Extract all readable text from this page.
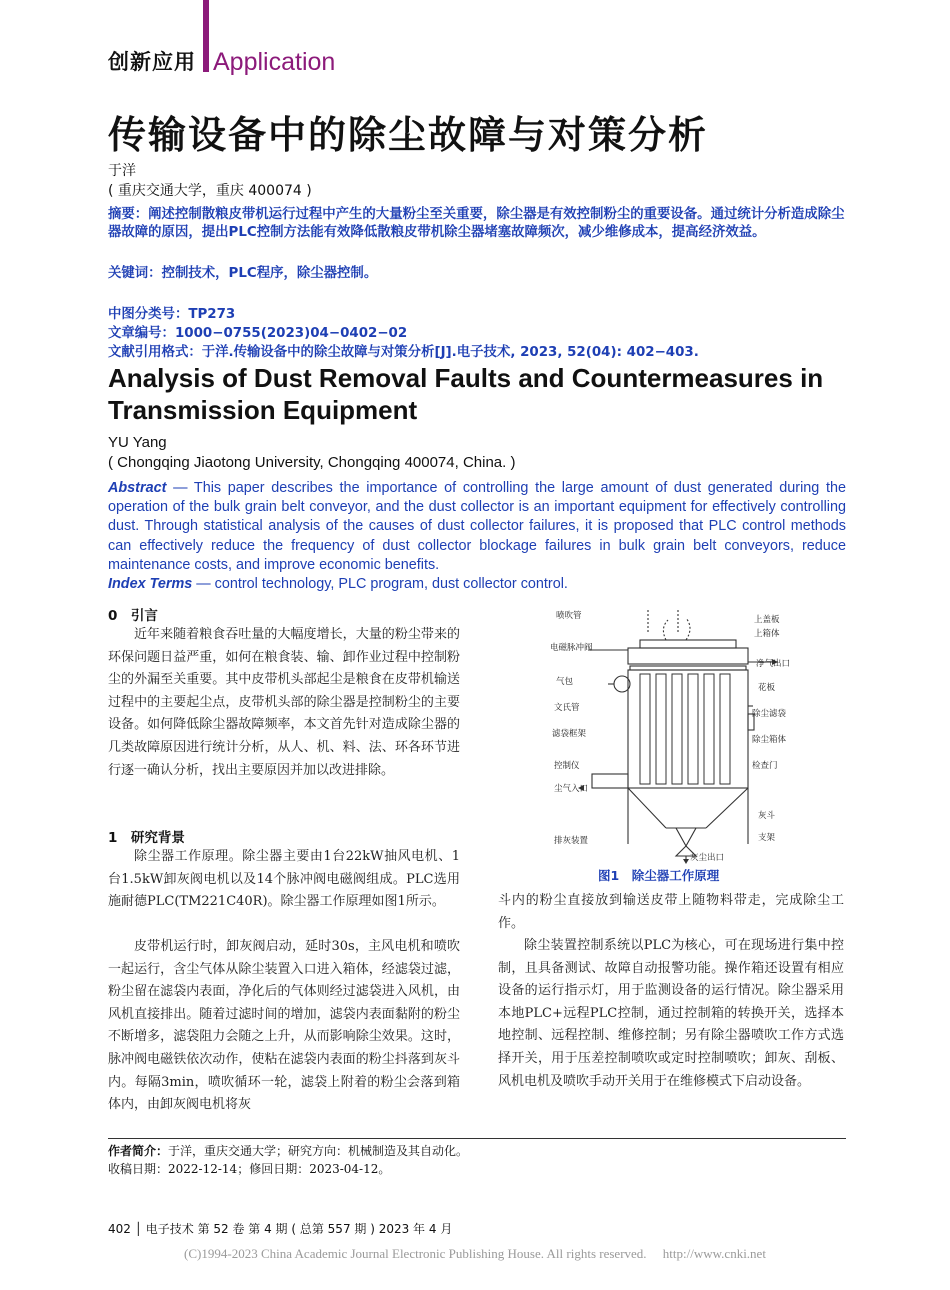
创新应用 Application
传输设备中的除尘故障与对策分析
于洋
( 重庆交通大学，重庆 400074 )
摘要：阐述控制散粮皮带机运行过程中产生的大量粉尘至关重要，除尘器是有效控制粉尘的重要设备。通过统计分析造成除尘器故障的原因，提出PLC控制方法能有效降低散粮皮带机除尘器堵塞故障频次，减少维修成本，提高经济效益。
关键词：控制技术，PLC程序，除尘器控制。
中图分类号：TP273
文章编号：1000−0755(2023)04−0402−02
文献引用格式：于洋.传输设备中的除尘故障与对策分析[J].电子技术, 2023, 52(04): 402−403.
Analysis of Dust Removal Faults and Countermeasures in Transmission Equipment
YU Yang
( Chongqing Jiaotong University, Chongqing 400074, China. )
Abstract — This paper describes the importance of controlling the large amount of dust generated during the operation of the bulk grain belt conveyor, and the dust collector is an important equipment for effectively controlling dust. Through statistical analysis of the causes of dust collector failures, it is proposed that PLC control methods can effectively reduce the frequency of dust collector blockage failures in bulk grain belt conveyors, reduce maintenance costs, and improve economic benefits.
Index Terms — control technology, PLC program, dust collector control.
0　引言
近年来随着粮食吞吐量的大幅度增长，大量的粉尘带来的环保问题日益严重，如何在粮食装、输、卸作业过程中控制粉尘的外漏至关重要。其中皮带机头部起尘是粮食在皮带机输送过程中的主要起尘点，皮带机头部的除尘器是控制粉尘的主要设备。如何降低除尘器故障频率，本文首先针对造成除尘器的几类故障原因进行统计分析，从人、机、料、法、环各环节进行逐一确认分析，找出主要原因并加以改进排除。
1　研究背景
除尘器工作原理。除尘器主要由1台22kW抽风电机、1台1.5kW卸灰阀电机以及14个脉冲阀电磁阀组成。PLC选用施耐德PLC(TM221C40R)。除尘器工作原理如图1所示。
皮带机运行时，卸灰阀启动，延时30s，主风电机和喷吹一起运行，含尘气体从除尘装置入口进入箱体，经滤袋过滤，粉尘留在滤袋内表面，净化后的气体则经过滤袋进入风机，由风机直接排出。随着过滤时间的增加，滤袋内表面黏附的粉尘不断增多，滤袋阻力会随之上升，从而影响除尘效果。这时，脉冲阀电磁铁依次动作，使粘在滤袋内表面的粉尘抖落到灰斗内。每隔3min，喷吹循环一轮，滤袋上附着的粉尘会落到箱体内，由卸灰阀电机将灰
喷吹管
电磁脉冲阀
气包
文氏管
滤袋框架
控制仪
尘气入口
排灰装置
上盖板
上箱体
净气出口
花板
除尘滤袋
除尘箱体
检查门
灰斗
支架
灰尘出口
图1　除尘器工作原理
斗内的粉尘直接放到输送皮带上随物料带走，完成除尘工作。
除尘装置控制系统以PLC为核心，可在现场进行集中控制，且具备测试、故障自动报警功能。操作箱还设置有相应设备的运行指示灯，用于监测设备的运行情况。除尘器采用本地PLC+远程PLC控制，通过控制箱的转换开关，选择本地控制、远程控制、维修控制；另有除尘器喷吹工作方式选择开关，用于压差控制喷吹或定时控制喷吹；卸灰、刮板、风机电机及喷吹手动开关用于在维修模式下启动设备。
作者简介：于洋，重庆交通大学；研究方向：机械制造及其自动化。
收稿日期：2022-12-14；修回日期：2023-04-12。
402 │ 电子技术 第 52 卷 第 4 期 ( 总第 557 期 ) 2023 年 4 月
(C)1994-2023 China Academic Journal Electronic Publishing House. All rights reserved.　 http://www.cnki.net
